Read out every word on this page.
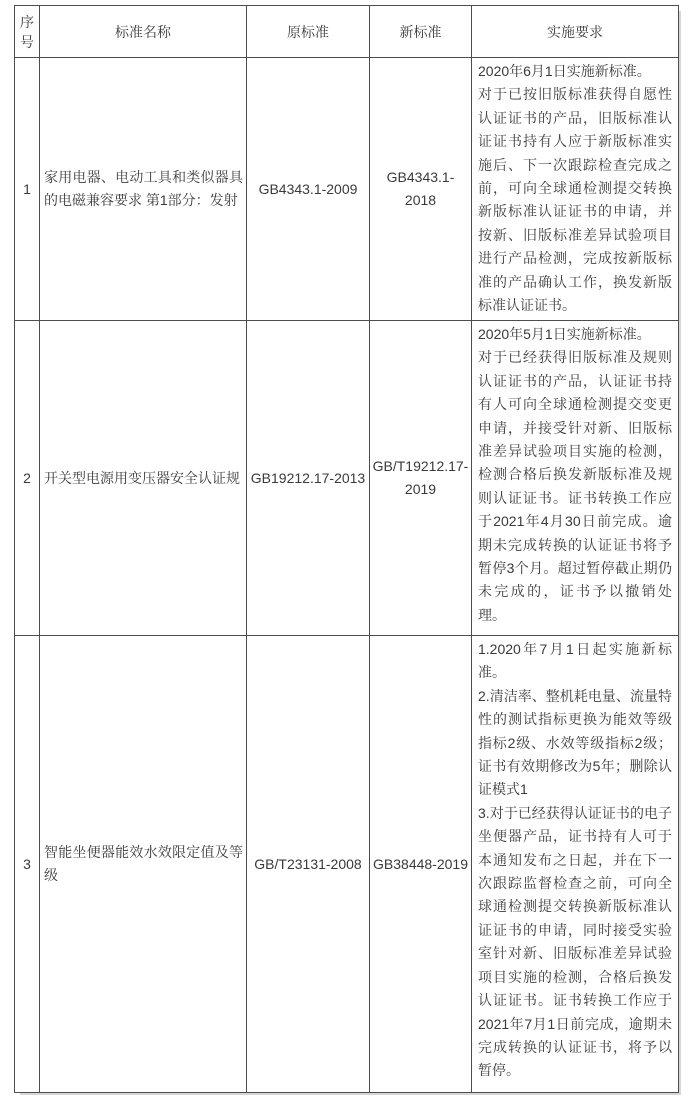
序号	标准名称	原标准	新标准	实施要求
1	家用电器、电动工具和类似器具的电磁兼容要求 第1部分：发射	GB4343.1-2009	GB4343.1-2018	2020年6月1日实施新标准。

对于已按旧版标准获得自愿性认证证书的产品，旧版标准认证证书持有人应于新版标准实施后、下一次跟踪检查完成之前，可向全球通检测提交转换新版标准认证证书的申请，并按新、旧版标准差异试验项目进行产品检测，完成按新版标准的产品确认工作，换发新版标准认证证书。

2	开关型电源用变压器安全认证规	GB19212.17-2013	GB/T19212.17-2019	2020年5月1日实施新标准。

对于已经获得旧版标准及规则认证证书的产品，认证证书持有人可向全球通检测提交变更申请，并接受针对新、旧版标准差异试验项目实施的检测，检测合格后换发新版标准及规则认证证书。证书转换工作应于2021年4月30日前完成。逾期未完成转换的认证证书将予暂停3个月。超过暂停截止期仍未完成的，证书予以撤销处理。

3	智能坐便器能效水效限定值及等级	GB/T23131-2008	GB38448-2019	1.2020年7月1日起实施新标准。

2.清洁率、整机耗电量、流量特性的测试指标更换为能效等级指标2级、水效等级指标2级；证书有效期修改为5年；删除认证模式1

3.对于已经获得认证证书的电子坐便器产品，证书持有人可于本通知发布之日起，并在下一次跟踪监督检查之前，可向全球通检测提交转换新版标准认证证书的申请，同时接受实验室针对新、旧版标准差异试验项目实施的检测，合格后换发认证证书。证书转换工作应于2021年7月1日前完成，逾期未完成转换的认证证书，将予以暂停。
